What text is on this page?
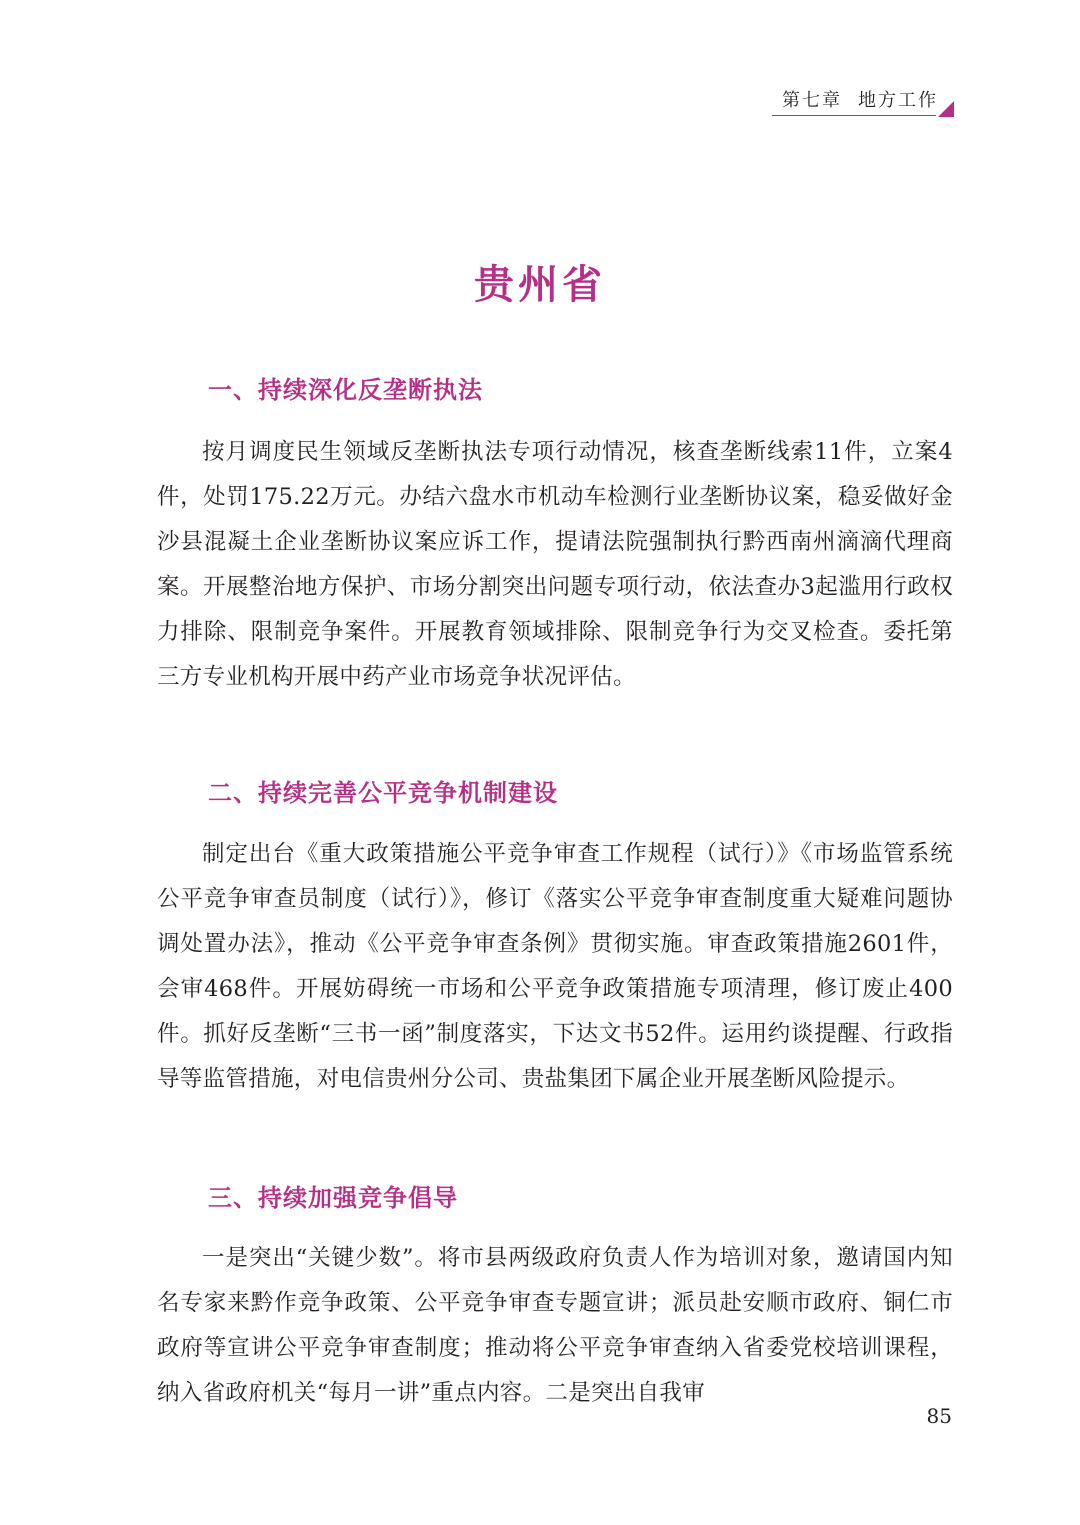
第七章 地方工作
贵州省
一、持续深化反垄断执法

按月调度民生领域反垄断执法专项行动情况，核查垄断线索11件，立案4件，处罚175.22万元。办结六盘水市机动车检测行业垄断协议案，稳妥做好金沙县混凝土企业垄断协议案应诉工作，提请法院强制执行黔西南州滴滴代理商案。开展整治地方保护、市场分割突出问题专项行动，依法查办3起滥用行政权力排除、限制竞争案件。开展教育领域排除、限制竞争行为交叉检查。委托第三方专业机构开展中药产业市场竞争状况评估。

二、持续完善公平竞争机制建设

制定出台《重大政策措施公平竞争审查工作规程（试行）》《市场监管系统公平竞争审查员制度（试行）》，修订《落实公平竞争审查制度重大疑难问题协调处置办法》，推动《公平竞争审查条例》贯彻实施。审查政策措施2601件，会审468件。开展妨碍统一市场和公平竞争政策措施专项清理，修订废止400件。抓好反垄断“三书一函”制度落实，下达文书52件。运用约谈提醒、行政指导等监管措施，对电信贵州分公司、贵盐集团下属企业开展垄断风险提示。

三、持续加强竞争倡导

一是突出“关键少数”。将市县两级政府负责人作为培训对象，邀请国内知名专家来黔作竞争政策、公平竞争审查专题宣讲；派员赴安顺市政府、铜仁市政府等宣讲公平竞争审查制度；推动将公平竞争审查纳入省委党校培训课程，纳入省政府机关“每月一讲”重点内容。二是突出自我审

85
